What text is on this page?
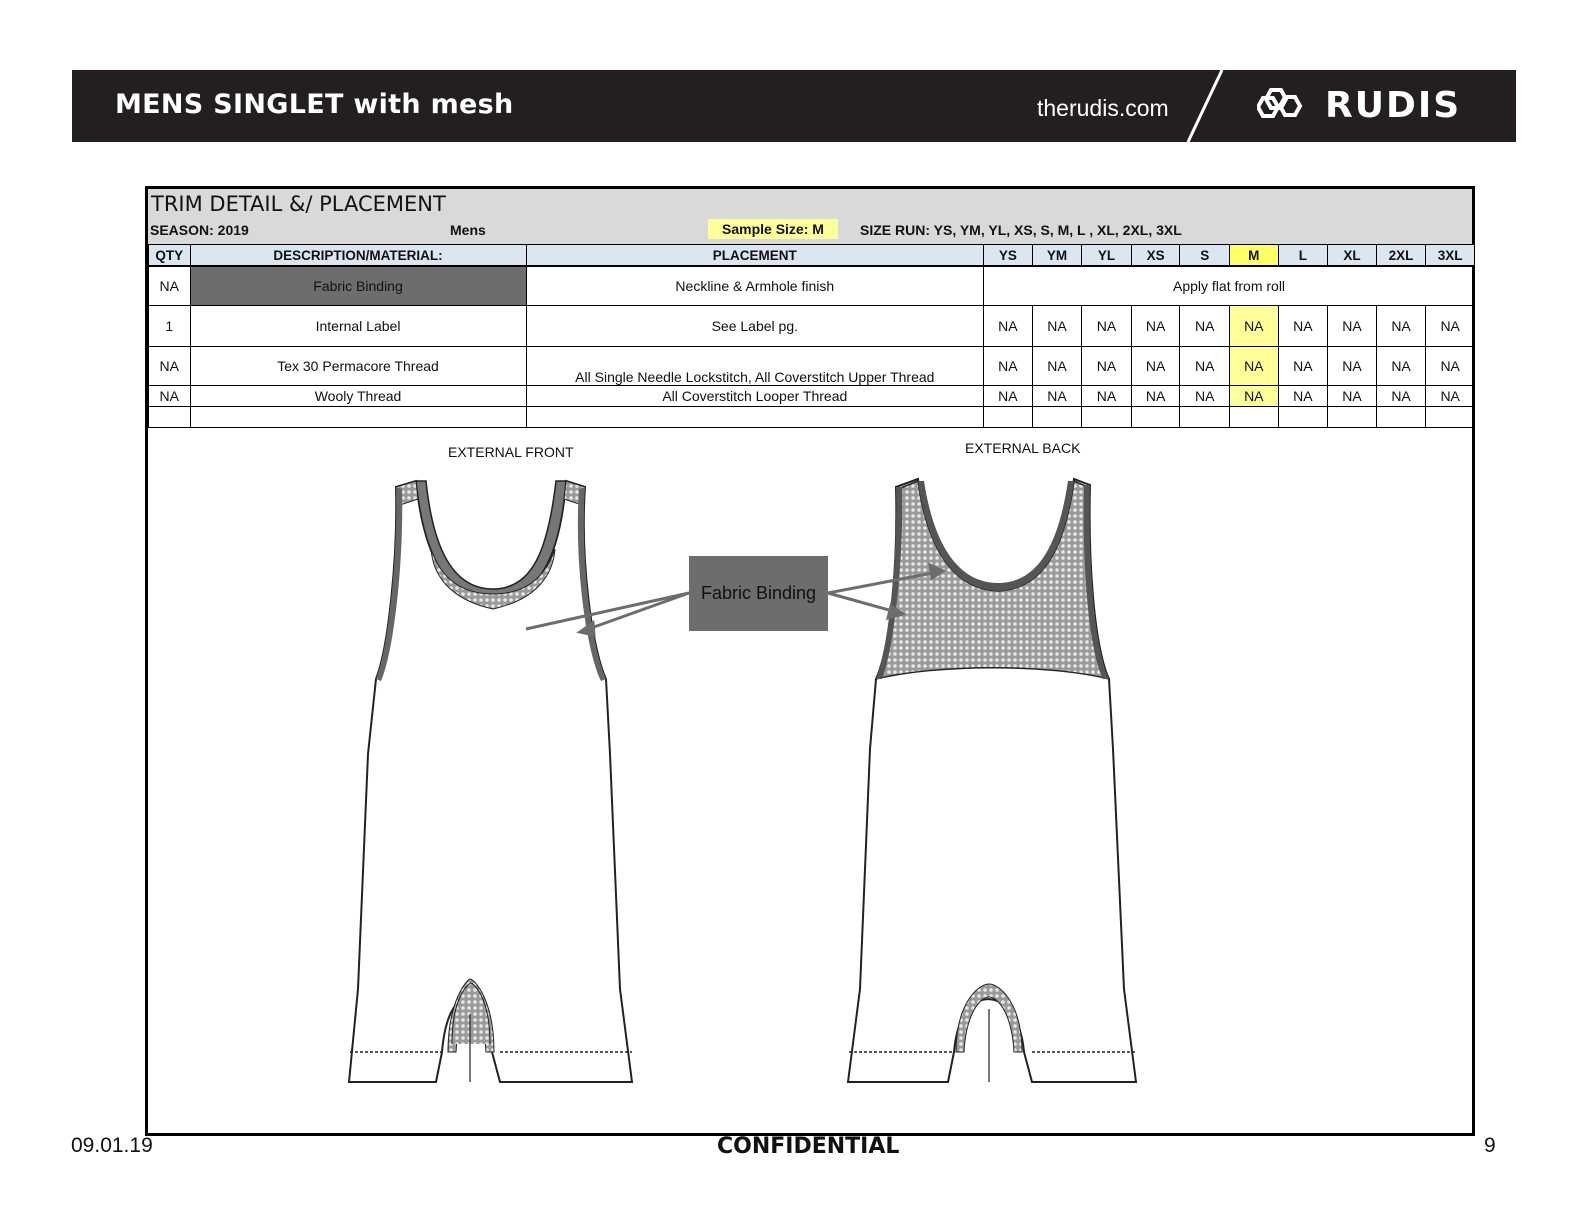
MENS SINGLET with mesh	therudis.com	RUDIS
TRIM DETAIL &/ PLACEMENT
SEASON: 2019	Mens	Sample Size: M	SIZE RUN: YS, YM, YL, XS, S, M, L , XL, 2XL, 3XL
QTY	DESCRIPTION/MATERIAL:	PLACEMENT	YS	YM	YL	XS	S	M	L	XL	2XL	3XL
NA	Fabric Binding	Neckline & Armhole finish	Apply flat from roll									
1	Internal Label	See Label pg.	NA	NA	NA	NA	NA	NA	NA	NA	NA	NA
NA	Tex 30 Permacore Thread	All Single Needle Lockstitch, All Coverstitch Upper Thread	NA	NA	NA	NA	NA	NA	NA	NA	NA	NA
NA	Wooly Thread	All Coverstitch Looper Thread	NA	NA	NA	NA	NA	NA	NA	NA	NA	NA

EXTERNAL FRONT	EXTERNAL BACK
Fabric Binding
09.01.19	CONFIDENTIAL	9
